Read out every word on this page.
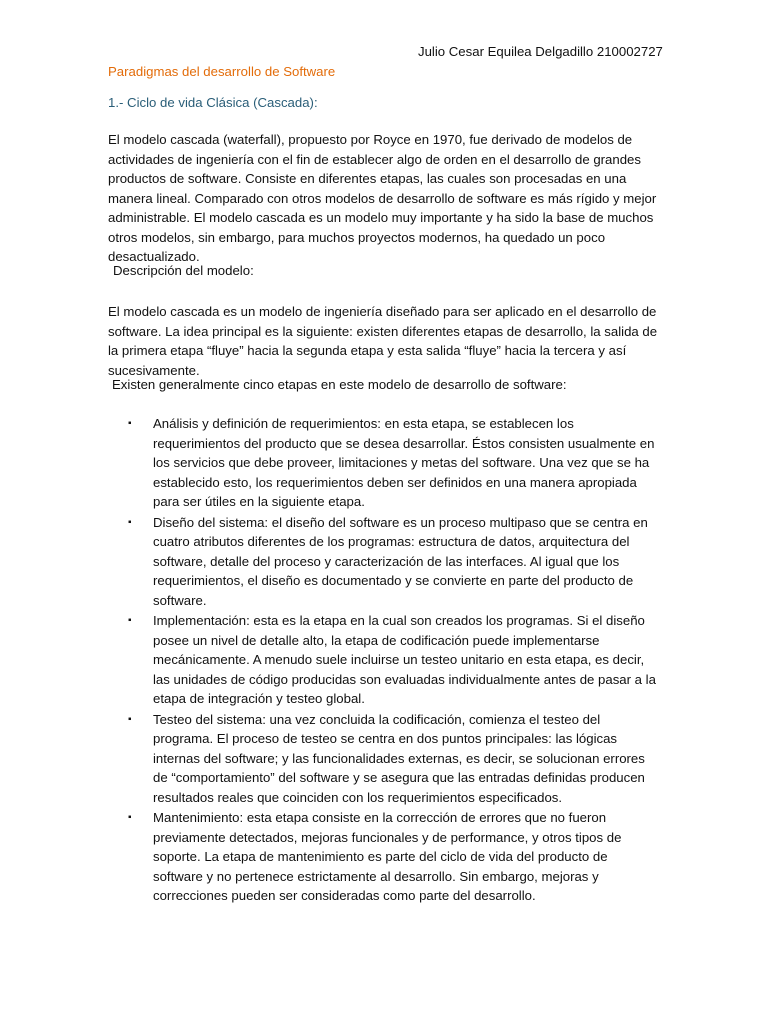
Julio Cesar Equilea Delgadillo 210002727
Paradigmas del desarrollo de Software
1.- Ciclo de vida Clásica (Cascada):

El modelo cascada (waterfall), propuesto por Royce en 1970, fue derivado de modelos de actividades de ingeniería con el fin de establecer algo de orden en el desarrollo de grandes productos de software. Consiste en diferentes etapas, las cuales son procesadas en una manera lineal. Comparado con otros modelos de desarrollo de software es más rígido y mejor administrable. El modelo cascada es un modelo muy importante y ha sido la base de muchos otros modelos, sin embargo, para muchos proyectos modernos, ha quedado un poco desactualizado.

Descripción del modelo:

El modelo cascada es un modelo de ingeniería diseñado para ser aplicado en el desarrollo de software. La idea principal es la siguiente: existen diferentes etapas de desarrollo, la salida de la primera etapa “fluye” hacia la segunda etapa y esta salida “fluye” hacia la tercera y así sucesivamente.

Existen generalmente cinco etapas en este modelo de desarrollo de software:
▪ Análisis y definición de requerimientos: en esta etapa, se establecen los requerimientos del producto que se desea desarrollar. Éstos consisten usualmente en los servicios que debe proveer, limitaciones y metas del software. Una vez que se ha establecido esto, los requerimientos deben ser definidos en una manera apropiada para ser útiles en la siguiente etapa.
▪ Diseño del sistema: el diseño del software es un proceso multipaso que se centra en cuatro atributos diferentes de los programas: estructura de datos, arquitectura del software, detalle del proceso y caracterización de las interfaces. Al igual que los requerimientos, el diseño es documentado y se convierte en parte del producto de software.
▪ Implementación: esta es la etapa en la cual son creados los programas. Si el diseño posee un nivel de detalle alto, la etapa de codificación puede implementarse mecánicamente. A menudo suele incluirse un testeo unitario en esta etapa, es decir, las unidades de código producidas son evaluadas individualmente antes de pasar a la etapa de integración y testeo global.
▪ Testeo del sistema: una vez concluida la codificación, comienza el testeo del programa. El proceso de testeo se centra en dos puntos principales: las lógicas internas del software; y las funcionalidades externas, es decir, se solucionan errores de “comportamiento” del software y se asegura que las entradas definidas producen resultados reales que coinciden con los requerimientos especificados.
▪ Mantenimiento: esta etapa consiste en la corrección de errores que no fueron previamente detectados, mejoras funcionales y de performance, y otros tipos de soporte. La etapa de mantenimiento es parte del ciclo de vida del producto de software y no pertenece estrictamente al desarrollo. Sin embargo, mejoras y correcciones pueden ser consideradas como parte del desarrollo.
